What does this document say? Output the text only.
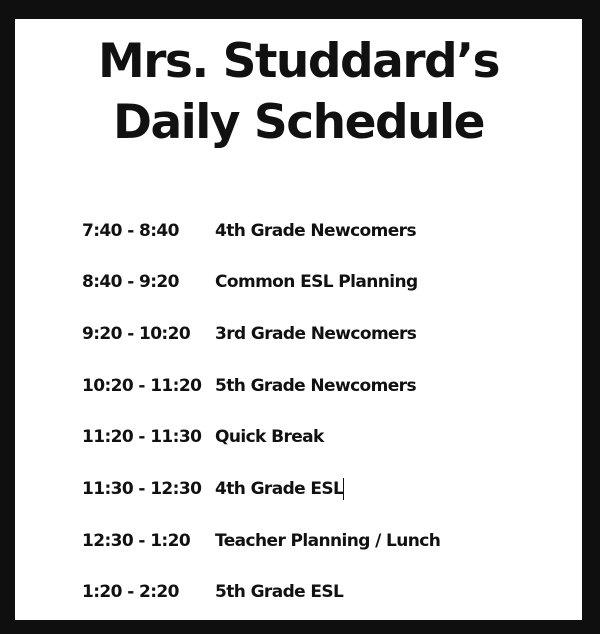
Mrs. Studdard’s
Daily Schedule
7:40 - 8:40	4th Grade Newcomers
8:40 - 9:20	Common ESL Planning
9:20 - 10:20	3rd Grade Newcomers
10:20 - 11:20 5th Grade Newcomers
11:20 - 11:30 Quick Break
11:30 - 12:30 4th Grade ESL
12:30 - 1:20	Teacher Planning / Lunch
1:20 - 2:20	5th Grade ESL
